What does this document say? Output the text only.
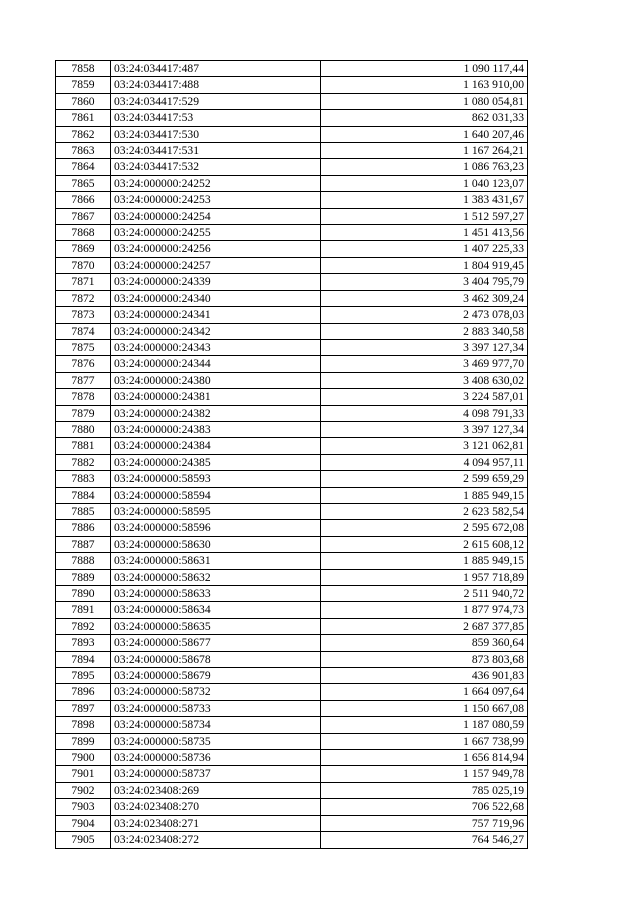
7858	03:24:034417:487	1 090 117,44
7859	03:24:034417:488	1 163 910,00
7860	03:24:034417:529	1 080 054,81
7861	03:24:034417:53	862 031,33
7862	03:24:034417:530	1 640 207,46
7863	03:24:034417:531	1 167 264,21
7864	03:24:034417:532	1 086 763,23
7865	03:24:000000:24252	1 040 123,07
7866	03:24:000000:24253	1 383 431,67
7867	03:24:000000:24254	1 512 597,27
7868	03:24:000000:24255	1 451 413,56
7869	03:24:000000:24256	1 407 225,33
7870	03:24:000000:24257	1 804 919,45
7871	03:24:000000:24339	3 404 795,79
7872	03:24:000000:24340	3 462 309,24
7873	03:24:000000:24341	2 473 078,03
7874	03:24:000000:24342	2 883 340,58
7875	03:24:000000:24343	3 397 127,34
7876	03:24:000000:24344	3 469 977,70
7877	03:24:000000:24380	3 408 630,02
7878	03:24:000000:24381	3 224 587,01
7879	03:24:000000:24382	4 098 791,33
7880	03:24:000000:24383	3 397 127,34
7881	03:24:000000:24384	3 121 062,81
7882	03:24:000000:24385	4 094 957,11
7883	03:24:000000:58593	2 599 659,29
7884	03:24:000000:58594	1 885 949,15
7885	03:24:000000:58595	2 623 582,54
7886	03:24:000000:58596	2 595 672,08
7887	03:24:000000:58630	2 615 608,12
7888	03:24:000000:58631	1 885 949,15
7889	03:24:000000:58632	1 957 718,89
7890	03:24:000000:58633	2 511 940,72
7891	03:24:000000:58634	1 877 974,73
7892	03:24:000000:58635	2 687 377,85
7893	03:24:000000:58677	859 360,64
7894	03:24:000000:58678	873 803,68
7895	03:24:000000:58679	436 901,83
7896	03:24:000000:58732	1 664 097,64
7897	03:24:000000:58733	1 150 667,08
7898	03:24:000000:58734	1 187 080,59
7899	03:24:000000:58735	1 667 738,99
7900	03:24:000000:58736	1 656 814,94
7901	03:24:000000:58737	1 157 949,78
7902	03:24:023408:269	785 025,19
7903	03:24:023408:270	706 522,68
7904	03:24:023408:271	757 719,96
7905	03:24:023408:272	764 546,27
